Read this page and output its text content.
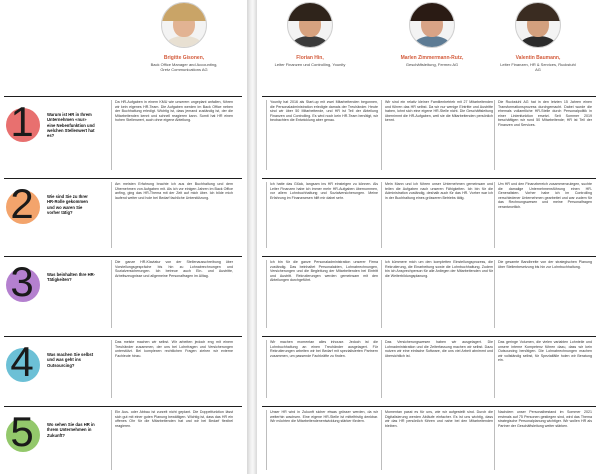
Brigitte Gisonen,
Back Office Manager and Accounting, Gretz Communications AG
Florian Hin,
Leiter Finanzen und Controlling, Younity
Marlen Zimmermann-Rutz,
Geschäftsleitung, Fermec AG
Valentin Baumann,
Leiter Finanzen, HR & Services, Ruckstuhl AG
1	Warum ist HR in Ihrem Unternehmen «nur» eine Nebenfunktion und welchen Stellenwert hat es?
Da HR-Aufgaben in einem KMU wie unserem ungeplant anfallen, führen wir kein eigenes HR-Team. Die Aufgaben werden im Back Office neben der Buchhaltung erledigt. Wichtig ist, dass jemand zuständig ist, der die Mitarbeitenden kennt und schnell reagieren kann. Somit hat HR einen hohen Stellenwert, auch ohne eigene Abteilung.
Younity hat 2016 als Start-up mit zwei Mitarbeitenden begonnen, die Personaladministration erledigte damals der Treuhänder. Heute sind wir über 50 Mitarbeitende, und HR ist Teil der Abteilung Finanzen und Controlling. Es wird noch kein HR-Team benötigt, wir beobachten die Entwicklung aber genau.
Wir sind ein relativ kleiner Familienbetrieb mit 27 Mitarbeitenden und führen das HR selbst. Da wir nur wenige Eintritte und Austritte haben, lohnt sich eine eigene HR-Stelle nicht. Die Geschäftsleitung übernimmt die HR-Aufgaben, weil sie die Mitarbeitenden persönlich kennt.
Die Ruckstuhl AG hat in den letzten 15 Jahren einen Transformationsprozess durchgemacht. Dabei wurde die ehemals vollamtliche HR-Stelle durch Personalpolitik in einer Linienfunktion ersetzt. Seit Sommer 2019 beschäftigen wir rund 50 Mitarbeitende; HR ist Teil der Finanzen und Services.
2	Wie sind Sie zu Ihrer HR-Rolle gekommen und wo waren Sie vorher tätig?
Am meisten Erfahrung brachte ich aus der Buchhaltung und dem Übernehmen von Aufgaben mit. Als ich vor einigen Jahren im Back Office anfing, ging das HR-Thema mit der Zeit auf mich über. Ich bilde mich laufend weiter und hole bei Bedarf fachliche Unterstützung.
Ich hatte das Glück, langsam ins HR einsteigen zu können. Als Leiter Finanzen habe ich immer mehr HR-Aufgaben übernommen, vor allem Lohnbuchhaltung und Sozialversicherungen. Meine Erfahrung im Finanzwesen hilft mir dabei sehr.
Mein Mann und ich führen unser Unternehmen gemeinsam und teilen die Aufgaben nach unseren Fähigkeiten. Ich bin für die Administration zuständig, deshalb auch für das HR. Vorher war ich in der Buchhaltung eines grösseren Betriebs tätig.
Um HR und den Finanzbereich zusammenzulegen, suchte die damalige Unternehmensführung einen HR-Generalisten. Vorher habe ich im Controlling verschiedener Unternehmen gearbeitet und war zudem für das Rechnungswesen und meine Personalfragen verantwortlich.
3	Was beinhalten Ihre HR-Tätigkeiten?
Die ganze HR-Klaviatur von der Stellenausschreibung über Vorstellungsgespräche bis hin zu Lohnabrechnungen und Sozialversicherungen. Ich betreue auch Ein- und Austritte, Arbeitszeugnisse und allgemeine Personalfragen im Alltag.
Ich bin für die ganze Personaladministration unserer Firma zuständig. Das beinhaltet Personalakten, Lohnabrechnungen, Versicherungen und die Begleitung der Mitarbeitenden bei Eintritt und Austritt. Rekrutierungen werden gemeinsam mit den Abteilungen durchgeführt.
Ich kümmere mich um den kompletten Einstellungsprozess, die Rekrutierung, die Einarbeitung sowie die Lohnbuchhaltung. Zudem bin ich Ansprechperson für alle Anliegen der Mitarbeitenden und für die Weiterbildungsplanung.
Die gesamte Bandbreite von der strategischen Planung über Stellenbesetzung bis hin zur Lohnbuchhaltung.
4	Was machen Sie selbst und was geht ins Outsourcing?
Das meiste machen wir selbst. Wir arbeiten jedoch eng mit einem Treuhänder zusammen, der uns bei Lohnfragen und Versicherungen unterstützt. Bei komplexen rechtlichen Fragen ziehen wir externe Fachleute hinzu.
Wir machen momentan alles inhouse. Jedoch ist die Lohnbuchhaltung an einen Treuhänder ausgelagert. Für Rekrutierungen arbeiten wir bei Bedarf mit spezialisierten Partnern zusammen, um passende Fachkräfte zu finden.
Das Versicherungswesen haben wir ausgelagert. Die Lohnadministration und die Zeiterfassung machen wir selbst. Dazu nutzen wir eine einfache Software, die uns viel Arbeit abnimmt und übersichtlich ist.
Das geringe Volumen, die vielen variablen Lohnteile und unsere interne Kompetenz führen dazu, dass wir kein Outsourcing benötigen. Die Lohnabrechnungen machen wir vollständig selbst, für Spezialfälle holen wir Beratung ein.
5	Wo sehen Sie das HR in Ihrem Unternehmen in Zukunft?
Ein Aus- oder Abbau ist zurzeit nicht geplant. Die Doppelfunktion lässt sich gut mit einer guten Planung bewältigen. Wichtig ist, dass das HR ein offenes Ohr für die Mitarbeitenden hat und wir bei Bedarf flexibel reagieren.
Unser HR wird in Zukunft sicher etwas grösser werden, da wir weiterhin wachsen. Eine eigene HR-Stelle ist mittelfristig denkbar. Wir möchten die Mitarbeitendenentwicklung stärker fördern.
Momentan passt es für uns, wie wir aufgestellt sind. Durch die Digitalisierung werden Abläufe einfacher. Es ist uns wichtig, dass wir das HR persönlich führen und nahe bei den Mitarbeitenden bleiben.
Nachdem unser Personalbestand im Sommer 2021 erstmals auf 75 Personen gestiegen sind, wird das Thema strategische Personalplanung wichtiger. Wir wollen HR als Partner der Geschäftsleitung weiter stärken.
